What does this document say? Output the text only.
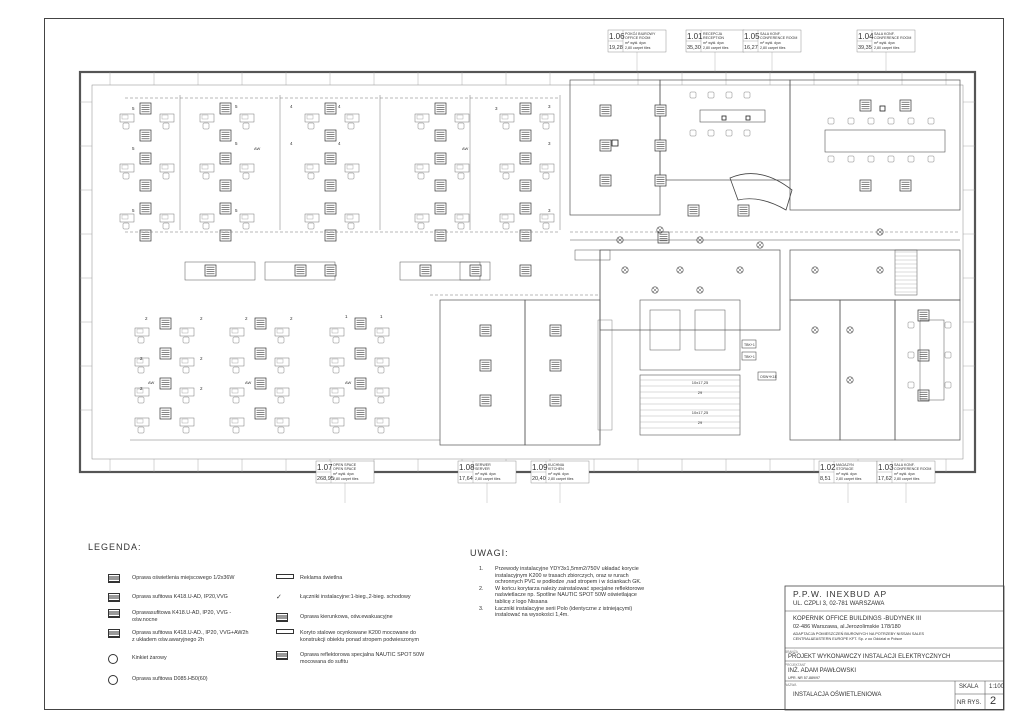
5
5
5
5
5
5
4
4
4
4
3	3
3
3
AW	AW
2	2	2	2	1	1
2	2
2	2
AW	AW	AW	10x17,25
29
10x17,25
29
TBK+1
TBK+1
OSW+K1E
1.06
19,28
POKÓJ BIUROWY
OFFICE ROOM
m² wykł. dyw.
2,80 carpet tiles
1.01
35,30
RECEPCJA
RECEPTION
m² wykł. dyw.
2,80 carpet tiles
1.05
16,27
SALA KONF.
CONFERENCE ROOM
m² wykł. dyw.
2,80 carpet tiles
1.04
39,35
SALA KONF.
CONFERENCE ROOM
m² wykł. dyw.
2,80 carpet tiles
1.07
268,95
OPEN SPACE
OPEN SPACE
m² wykł. dyw.
2,80 carpet tiles
1.08
17,64
SERWER
SERVER
m² wykł. dyw.
2,80 carpet tiles
1.09
20,40
KUCHNIA
KITCHEN
m² wykł. dyw.
2,80 carpet tiles
1.02
8,51
MAGAZYN
STORAGE
m² wykł. dyw.
2,80 carpet tiles
1.03
17,62
SALA KONF.
CONFERENCE ROOM
m² wykł. dyw.
2,80 carpet tiles
LEGENDA:
Oprawa oświetlenia miejscowego 1/2x36W
Oprawa sufitowa K418.U-AD, IP20,VVG
Oprawasufitowa K418.U-AD, IP20, VVG -
ośw.nocne
Oprawa sufitowa K418.U-AD., IP20, VVG+AW2h
z układem ośw.awaryjnego 2h
Kinkiet żarowy
Oprawa sufitowa D085.H50(60)
Reklama świetlna
✓	Łączniki instalacyjne:1-bieg.,2-bieg. schodowy
Oprawa kierunkowa, ośw.ewakuacyjne
Koryto stalowe ocynkowane K200 mocowane do
konstrukcji obiektu ponad stropem podwieszonym
Oprawa reflektorowa specjalna NAUTIC SPOT 50W
mocowana do sufitu
UWAGI:
1. Przewody instalacyjne YDY3x1,5mm2/750V układać korycie
instalacyjnym K200 w trasach zbiorczych, oraz w rurach
ochronnych PVC w podłodze ,nad stropem i w ściankach GK.
2. W końcu korytarza należy zainstalować specjalne reflektorowe
naświetlacze np. Spotline NAUTIC SPOT 50W oświetlające
tablicę z logo Nissana
3. Łaczniki instalacyjne serii Polo (identyczne z istniejącymi)
instalować na wysokości 1,4m.
P.P.W. INEXBUD AP
UL. CZPLI 3, 02-781 WARSZAWA
KOPERNIK OFFICE BUILDINGS -BUDYNEK III
02-486 Warszawa, al.Jerozolimskie 178/180
ADAPTACJA POMIESZCZEŃ BIUROWYCH NA POTRZEBY NISSAN SALES
CENTRAL&EASTERN EUROPE KFT. Sp. z oo Oddział w Polsce
BRANŻA
PROJEKT WYKONAWCZY INSTALACJI ELEKTRYCZNYCH
PROJEKTANT
INŻ. ADAM PAWŁOWSKI
UPR. NR 57-889/97
NAZWA
INSTALACJA OŚWIETLENIOWA
SKALA 1:100
NR RYS. 2
